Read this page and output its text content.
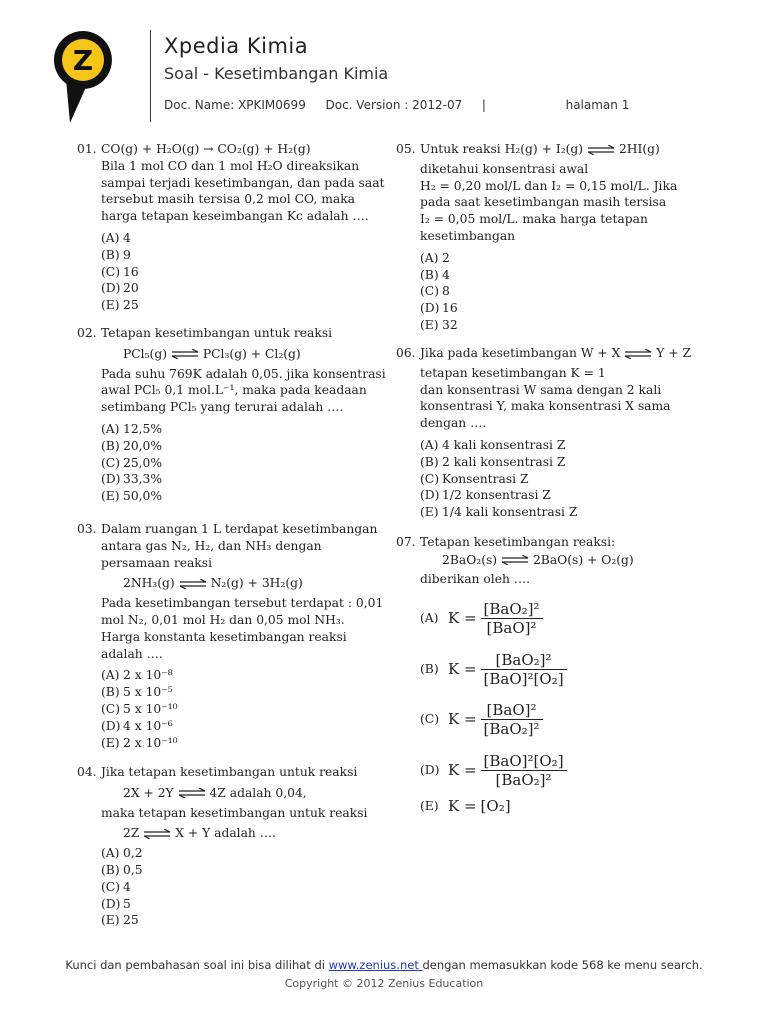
Z	Xpedia Kimia
Soal - Kesetimbangan Kimia
Doc. Name: XPKIM0699 Doc. Version : 2012-07 |	halaman 1
01. CO(g) + H₂O(g) → CO₂(g) + H₂(g)
Bila 1 mol CO dan 1 mol H₂O direaksikan
sampai terjadi kesetimbangan, dan pada saat
tersebut masih tersisa 0,2 mol CO, maka
harga tetapan keseimbangan Kc adalah ….
(A) 4
(B) 9
(C) 16
(D) 20
(E) 25
02. Tetapan kesetimbangan untuk reaksi
PCl₅(g)	PCl₃(g) + Cl₂(g)
Pada suhu 769K adalah 0,05. jika konsentrasi
awal PCl₅ 0,1 mol.L⁻¹, maka pada keadaan
setimbang PCl₅ yang terurai adalah ….
(A) 12,5%
(B) 20,0%
(C) 25,0%
(D) 33,3%
(E) 50,0%
03. Dalam ruangan 1 L terdapat kesetimbangan
antara gas N₂, H₂, dan NH₃ dengan
persamaan reaksi
2NH₃(g)	N₂(g) + 3H₂(g)
Pada kesetimbangan tersebut terdapat : 0,01
mol N₂, 0,01 mol H₂ dan 0,05 mol NH₃.
Harga konstanta kesetimbangan reaksi
adalah ….
(A) 2 x 10⁻⁸
(B) 5 x 10⁻⁵
(C) 5 x 10⁻¹⁰
(D) 4 x 10⁻⁶
(E) 2 x 10⁻¹⁰
04. Jika tetapan kesetimbangan untuk reaksi
2X + 2Y	4Z adalah 0,04,
maka tetapan kesetimbangan untuk reaksi
2Z	X + Y adalah ….
(A) 0,2
(B) 0,5
(C) 4
(D) 5
(E) 25
05. Untuk reaksi H₂(g) + I₂(g)	2HI(g)
diketahui konsentrasi awal
H₂ = 0,20 mol/L dan I₂ = 0,15 mol/L. Jika
pada saat kesetimbangan masih tersisa
I₂ = 0,05 mol/L. maka harga tetapan
kesetimbangan
(A) 2
(B) 4
(C) 8
(D) 16
(E) 32
06. Jika pada kesetimbangan W + X	Y + Z
tetapan kesetimbangan K = 1
dan konsentrasi W sama dengan 2 kali
konsentrasi Y, maka konsentrasi X sama
dengan ….
(A) 4 kali konsentrasi Z
(B) 2 kali konsentrasi Z
(C) Konsentrasi Z
(D) 1/2 konsentrasi Z
(E) 1/4 kali konsentrasi Z
07. Tetapan kesetimbangan reaksi:
2BaO₂(s)	2BaO(s) + O₂(g)
diberikan oleh ….
(A) $K = \frac{\text{[BaO₂]²}}{\text{[BaO]²}}$
(B) $K = \frac{\text{[BaO₂]²}}{\text{[BaO]²[O₂]}}$
(C) $K = \frac{\text{[BaO]²}}{\text{[BaO₂]²}}$
(D) $K = \frac{\text{[BaO]²[O₂]}}{\text{[BaO₂]²}}$
(E) K = [O₂]
Kunci dan pembahasan soal ini bisa dilihat di www.zenius.net dengan memasukkan kode 568 ke menu search.
Copyright © 2012 Zenius Education
